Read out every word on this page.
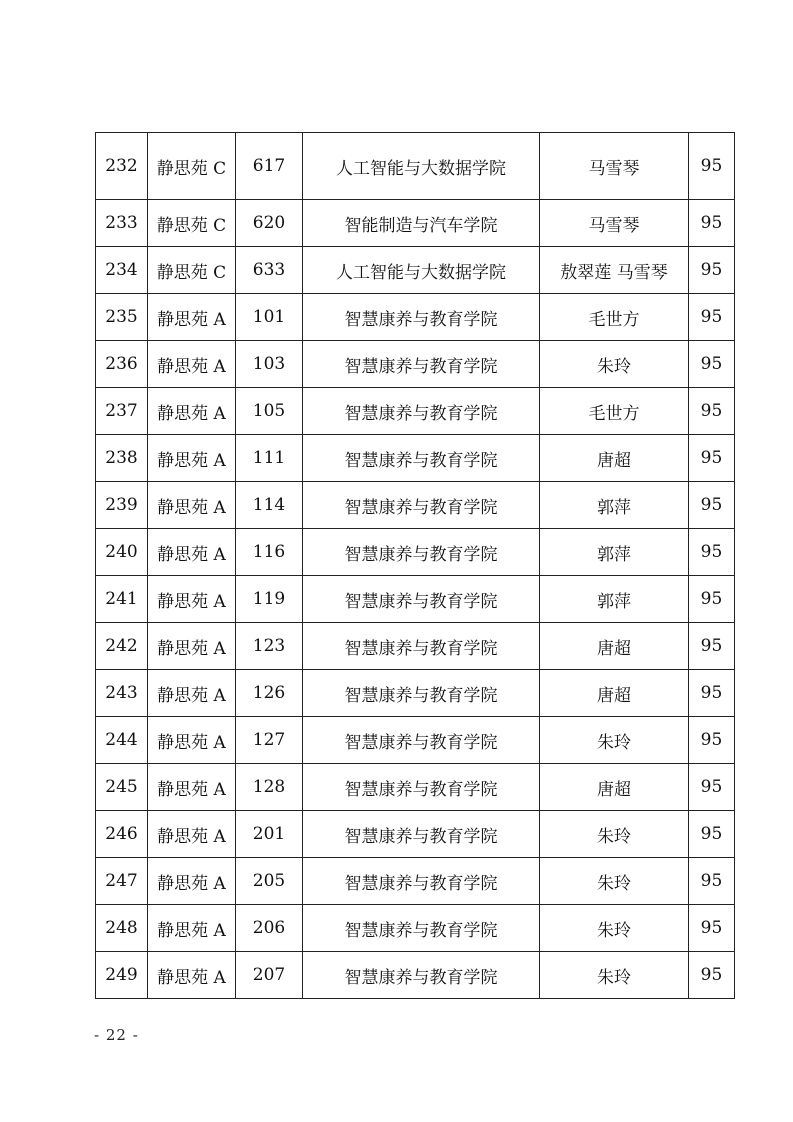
232	静思苑 C	617	人工智能与大数据学院	马雪琴	95
233	静思苑 C	620	智能制造与汽车学院	马雪琴	95
234	静思苑 C	633	人工智能与大数据学院	敖翠莲 马雪琴	95
235	静思苑 A	101	智慧康养与教育学院	毛世方	95
236	静思苑 A	103	智慧康养与教育学院	朱玲	95
237	静思苑 A	105	智慧康养与教育学院	毛世方	95
238	静思苑 A	111	智慧康养与教育学院	唐超	95
239	静思苑 A	114	智慧康养与教育学院	郭萍	95
240	静思苑 A	116	智慧康养与教育学院	郭萍	95
241	静思苑 A	119	智慧康养与教育学院	郭萍	95
242	静思苑 A	123	智慧康养与教育学院	唐超	95
243	静思苑 A	126	智慧康养与教育学院	唐超	95
244	静思苑 A	127	智慧康养与教育学院	朱玲	95
245	静思苑 A	128	智慧康养与教育学院	唐超	95
246	静思苑 A	201	智慧康养与教育学院	朱玲	95
247	静思苑 A	205	智慧康养与教育学院	朱玲	95
248	静思苑 A	206	智慧康养与教育学院	朱玲	95
249	静思苑 A	207	智慧康养与教育学院	朱玲	95
- 22 -
